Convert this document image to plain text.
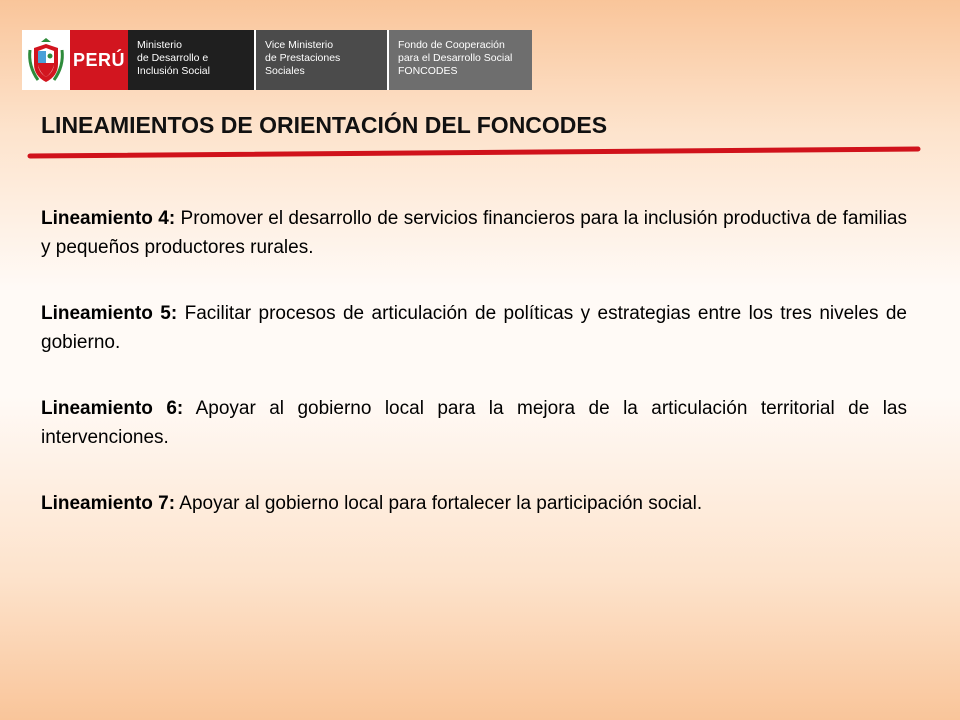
PERÚ
Ministerio
de Desarrollo e
Inclusión Social
Vice Ministerio
de Prestaciones
Sociales
Fondo de Cooperación
para el Desarrollo Social
FONCODES
LINEAMIENTOS DE ORIENTACIÓN DEL FONCODES

Lineamiento 4: Promover el desarrollo de servicios financieros para la inclusión productiva de familias y pequeños productores rurales.

Lineamiento 5: Facilitar procesos de articulación de políticas y estrategias entre los tres niveles de gobierno.

Lineamiento 6: Apoyar al gobierno local para la mejora de la articulación territorial de las intervenciones.

Lineamiento 7: Apoyar al gobierno local para fortalecer la participación social.
